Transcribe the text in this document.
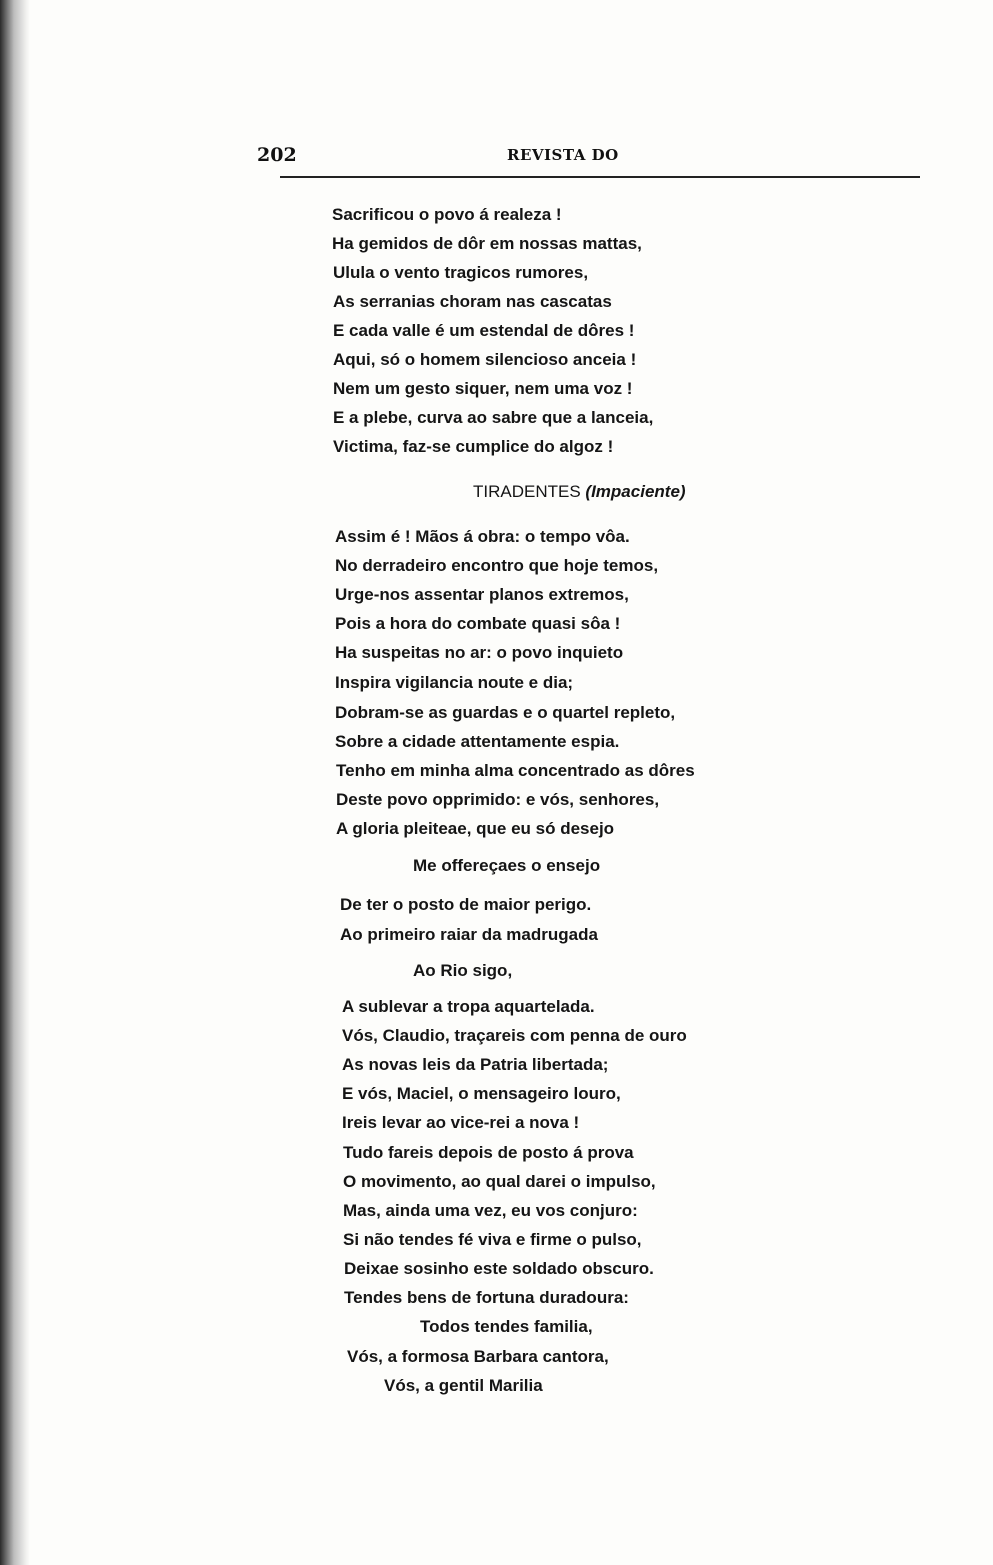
202	REVISTA DO
Sacrificou o povo á realeza !
Ha gemidos de dôr em nossas mattas,
Ulula o vento tragicos rumores,
As serranias choram nas cascatas
E cada valle é um estendal de dôres !
Aqui, só o homem silencioso anceia !
Nem um gesto siquer, nem uma voz !
E a plebe, curva ao sabre que a lanceia,
Victima, faz-se cumplice do algoz !
TIRADENTES (Impaciente)
Assim é ! Mãos á obra: o tempo vôa.
No derradeiro encontro que hoje temos,
Urge-nos assentar planos extremos,
Pois a hora do combate quasi sôa !
Ha suspeitas no ar: o povo inquieto
Inspira vigilancia noute e dia;
Dobram-se as guardas e o quartel repleto,
Sobre a cidade attentamente espia.
Tenho em minha alma concentrado as dôres
Deste povo opprimido: e vós, senhores,
A gloria pleiteae, que eu só desejo
Me offereçaes o ensejo
De ter o posto de maior perigo.
Ao primeiro raiar da madrugada
Ao Rio sigo,
A sublevar a tropa aquartelada.
Vós, Claudio, traçareis com penna de ouro
As novas leis da Patria libertada;
E vós, Maciel, o mensageiro louro,
Ireis levar ao vice-rei a nova !
Tudo fareis depois de posto á prova
O movimento, ao qual darei o impulso,
Mas, ainda uma vez, eu vos conjuro:
Si não tendes fé viva e firme o pulso,
Deixae sosinho este soldado obscuro.
Tendes bens de fortuna duradoura:
Todos tendes familia,
Vós, a formosa Barbara cantora,
Vós, a gentil Marilia
